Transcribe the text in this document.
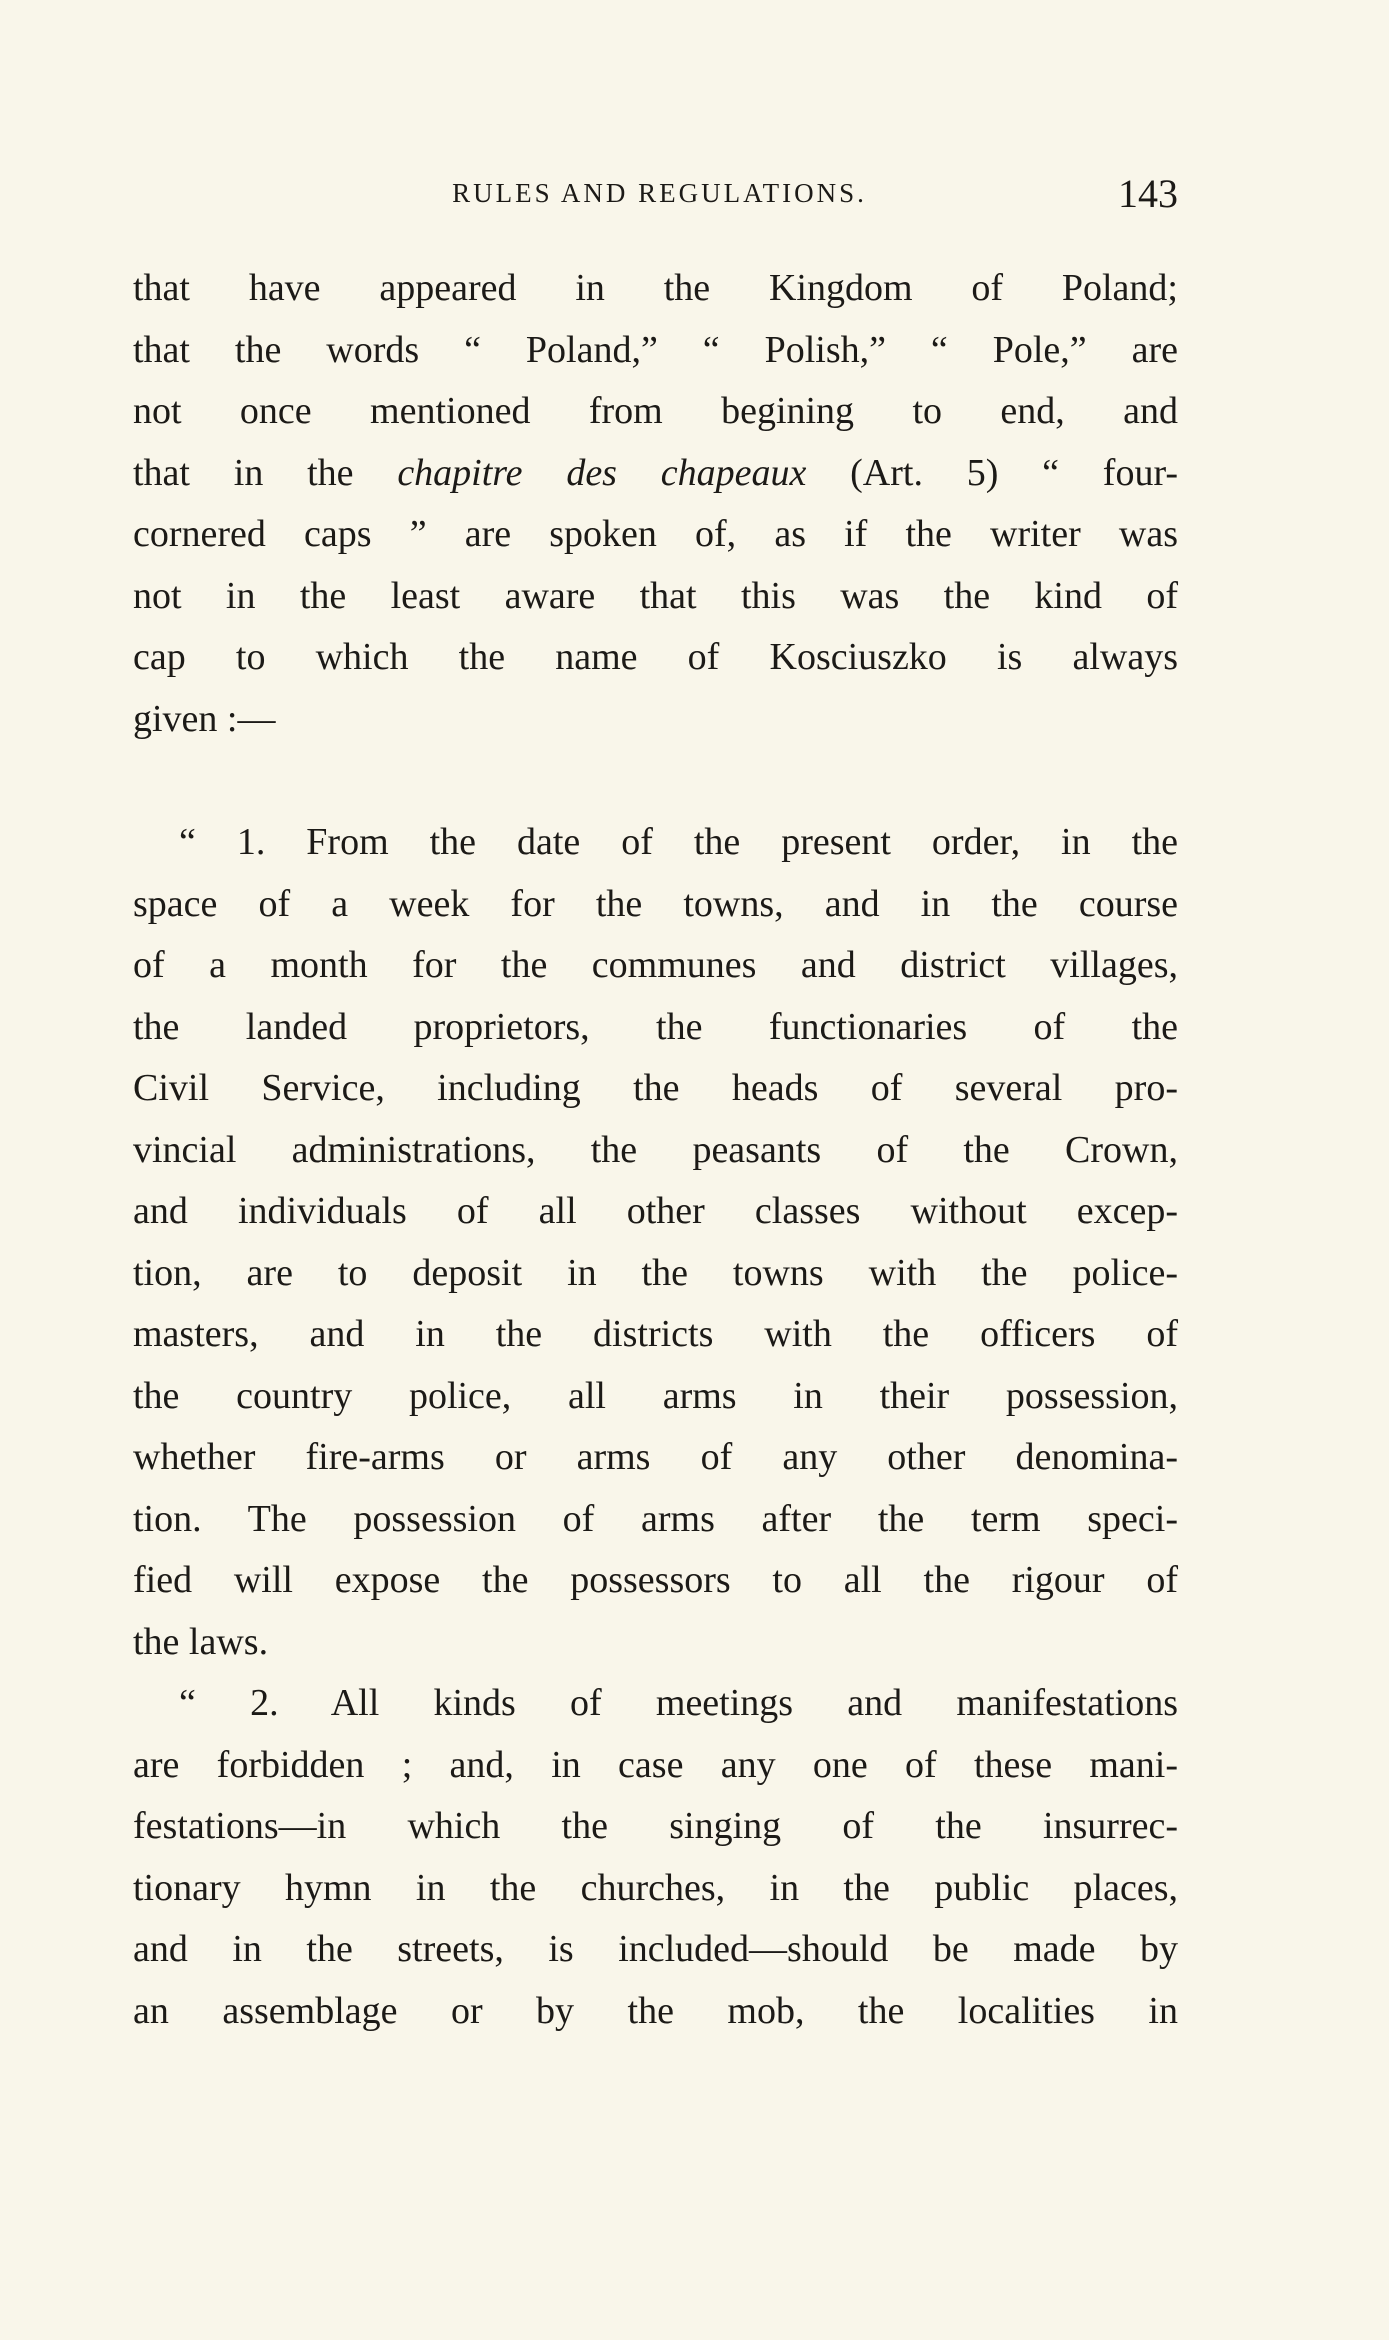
RULES AND REGULATIONS.	143
that have appeared in the Kingdom of Poland;
that the words “ Poland,” “ Polish,” “ Pole,” are
not once mentioned from begining to end, and
that in the chapitre des chapeaux (Art. 5) “ four-
cornered caps ” are spoken of, as if the writer was
not in the least aware that this was the kind of
cap to which the name of Kosciuszko is always
given :—
“ 1. From the date of the present order, in the
space of a week for the towns, and in the course
of a month for the communes and district villages,
the landed proprietors, the functionaries of the
Civil Service, including the heads of several pro-
vincial administrations, the peasants of the Crown,
and individuals of all other classes without excep-
tion, are to deposit in the towns with the police-
masters, and in the districts with the officers of
the country police, all arms in their possession,
whether fire-arms or arms of any other denomina-
tion. The possession of arms after the term speci-
fied will expose the possessors to all the rigour of
the laws.
“ 2. All kinds of meetings and manifestations
are forbidden ; and, in case any one of these mani-
festations—in which the singing of the insurrec-
tionary hymn in the churches, in the public places,
and in the streets, is included—should be made by
an assemblage or by the mob, the localities in
